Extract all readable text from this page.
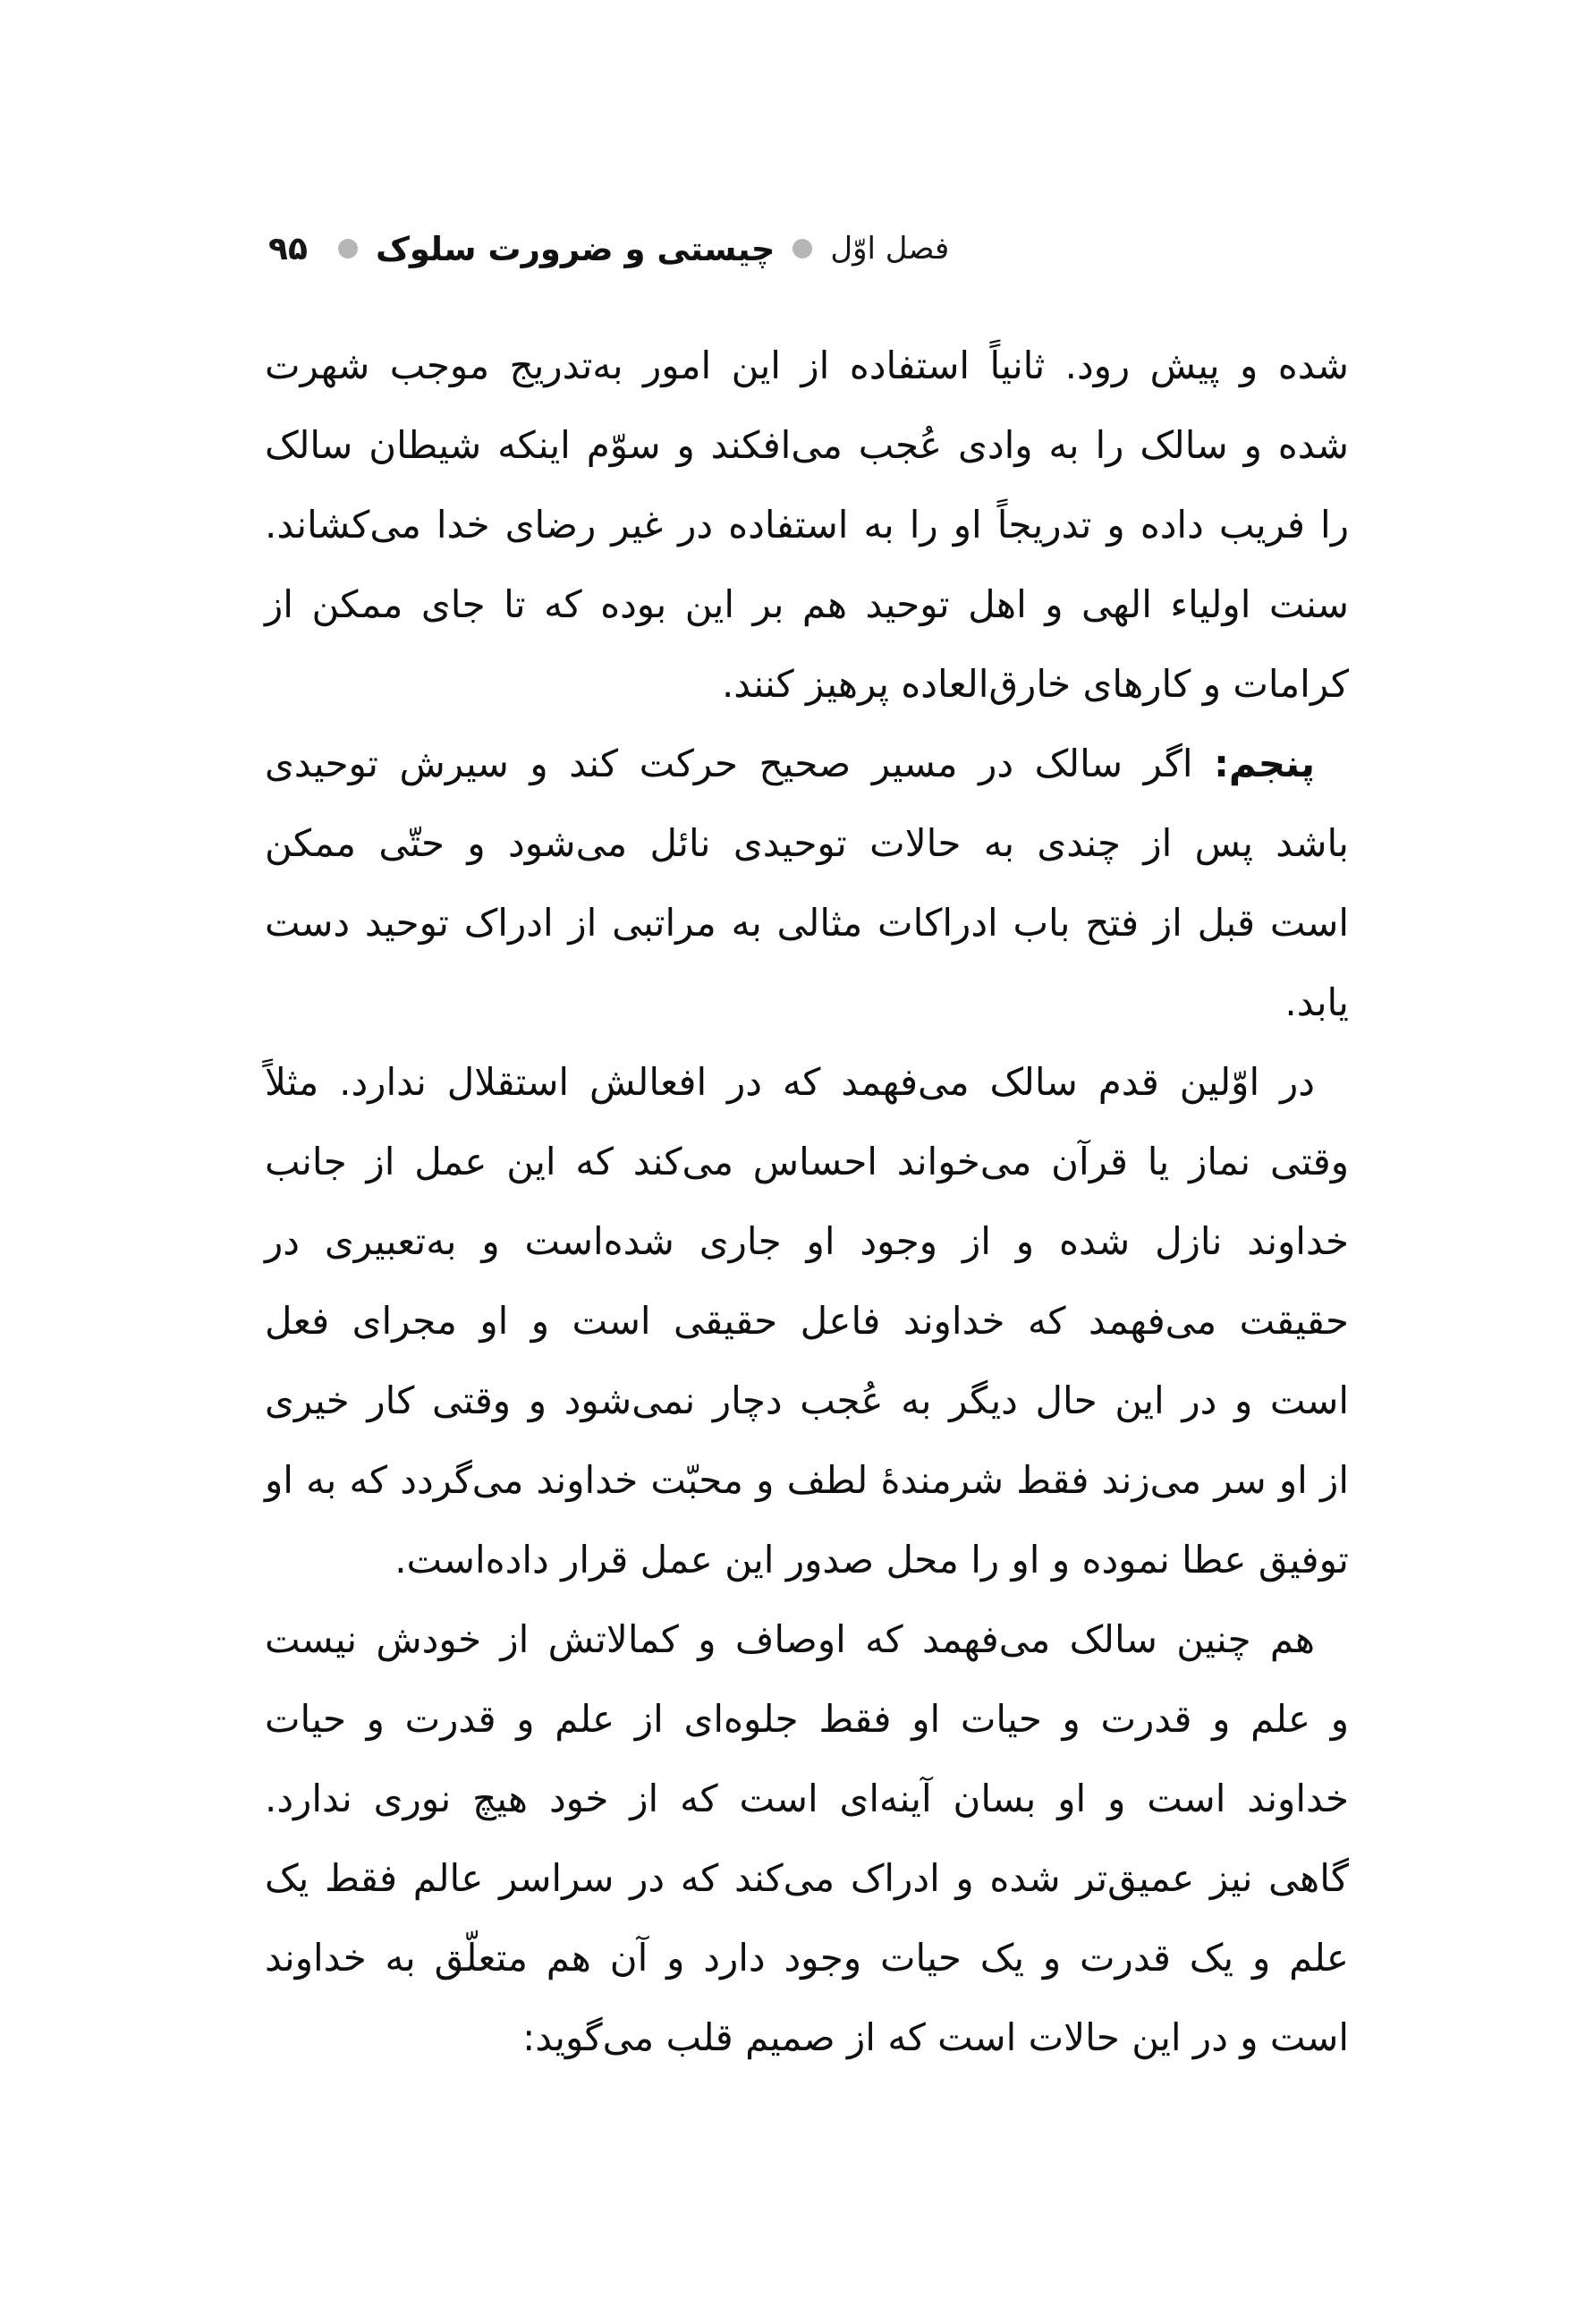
فصل اوّل
چیستی و ضرورت سلوک
۹۵
شده و پیش رود. ثانیاً استفاده از این امور به‌تدریج موجب شهرت
شده و سالک را به وادی عُجب می‌افکند و سوّم اینکه شیطان سالک
را فریب داده و تدریجاً او را به استفاده در غیر رضای خدا می‌کشاند.
سنت اولیاء الهی و اهل توحید هم بر این بوده که تا جای ممکن از
کرامات و کارهای خارق‌العاده پرهیز کنند.
پنجم: اگر سالک در مسیر صحیح حرکت کند و سیرش توحیدی
باشد پس از چندی به حالات توحیدی نائل می‌شود و حتّی ممکن
است قبل از فتح باب ادراکات مثالی به مراتبی از ادراک توحید دست
یابد.
در اوّلین قدم سالک می‌فهمد که در افعالش استقلال ندارد. مثلاً
وقتی نماز یا قرآن می‌خواند احساس می‌کند که این عمل از جانب
خداوند نازل شده و از وجود او جاری شده‌است و به‌تعبیری در
حقیقت می‌فهمد که خداوند فاعل حقیقی است و او مجرای فعل
است و در این حال دیگر به عُجب دچار نمی‌شود و وقتی کار خیری
از او سر می‌زند فقط شرمندهٔ لطف و محبّت خداوند می‌گردد که به او
توفیق عطا نموده و او را محل صدور این عمل قرار داده‌است.
هم چنین سالک می‌فهمد که اوصاف و کمالاتش از خودش نیست
و علم و قدرت و حیات او فقط جلوه‌ای از علم و قدرت و حیات
خداوند است و او بسان آینه‌ای است که از خود هیچ نوری ندارد.
گاهی نیز عمیق‌تر شده و ادراک می‌کند که در سراسر عالم فقط یک
علم و یک قدرت و یک حیات وجود دارد و آن هم متعلّق به خداوند
است و در این حالات است که از صمیم قلب می‌گوید:
